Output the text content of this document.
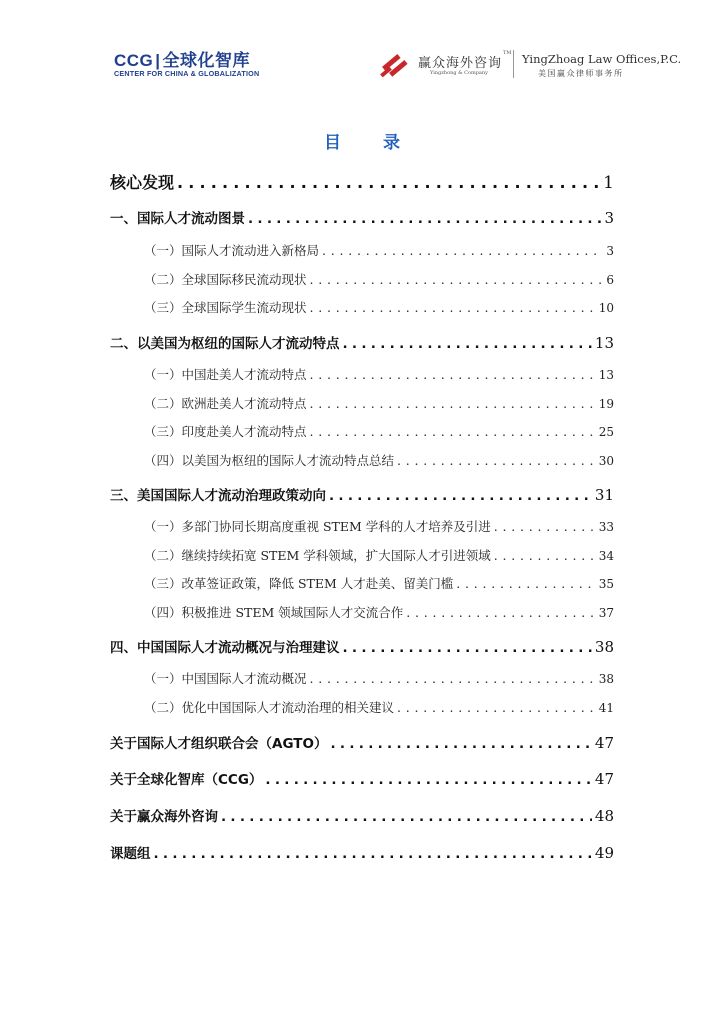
CCG | 全球化智库
CENTER FOR CHINA & GLOBALIZATION
赢众海外咨询
TM
Yingzhong & Company
YingZhoag Law Offices,P.C.
美国赢众律师事务所
目 录
核心发现 . . .	1
一、国际人才流动图景 . . .	3
（一）国际人才流动进入新格局 . . .	3
（二）全球国际移民流动现状 . . .	6
（三）全球国际学生流动现状 . . .	10
二、以美国为枢纽的国际人才流动特点 . . .	13
（一）中国赴美人才流动特点 . . .	13
（二）欧洲赴美人才流动特点 . . .	19
（三）印度赴美人才流动特点 . . .	25
（四）以美国为枢纽的国际人才流动特点总结 . . .	30
三、美国国际人才流动治理政策动向 . . .	31
（一）多部门协同长期高度重视 STEM 学科的人才培养及引进 . . .	33
（二）继续持续拓宽 STEM 学科领域，扩大国际人才引进领域 . . .	34
（三）改革签证政策，降低 STEM 人才赴美、留美门槛 . . .	35
（四）积极推进 STEM 领域国际人才交流合作 . . .	37
四、中国国际人才流动概况与治理建议 . . .	38
（一）中国国际人才流动概况 . . .	38
（二）优化中国国际人才流动治理的相关建议 . . .	41
关于国际人才组织联合会（AGTO） . . .	47
关于全球化智库（CCG） . . .	47
关于赢众海外咨询 . . .	48
课题组 . . .	49
